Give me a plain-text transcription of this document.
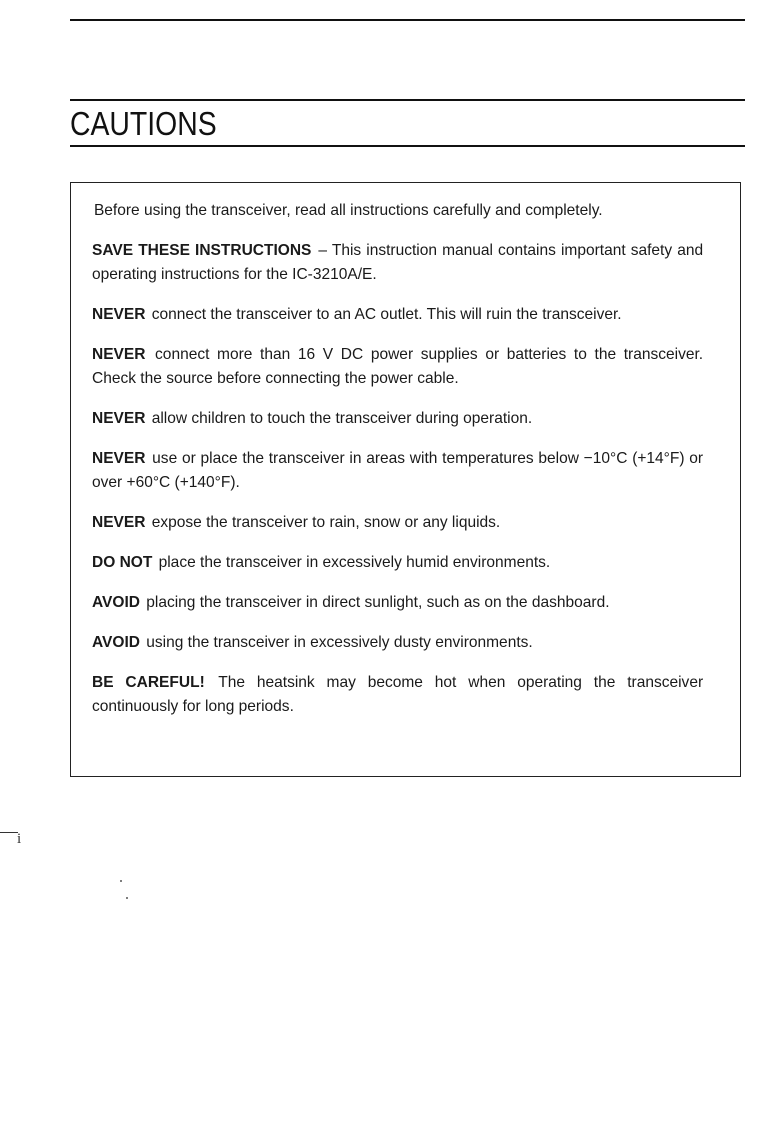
CAUTIONS
Before using the transceiver, read all instructions carefully and completely.
SAVE THESE INSTRUCTIONS – This instruction manual contains important safety and operating instructions for the IC-3210A/E.
NEVER connect the transceiver to an AC outlet. This will ruin the transceiver.
NEVER connect more than 16 V DC power supplies or batteries to the transceiver. Check the source before connecting the power cable.
NEVER allow children to touch the transceiver during operation.
NEVER use or place the transceiver in areas with temperatures below −10°C (+14°F) or over +60°C (+140°F).
NEVER expose the transceiver to rain, snow or any liquids.
DO NOT place the transceiver in excessively humid environments.
AVOID placing the transceiver in direct sunlight, such as on the dashboard.
AVOID using the transceiver in excessively dusty environments.
BE CAREFUL! The heatsink may become hot when operating the transceiver continuously for long periods.
i
